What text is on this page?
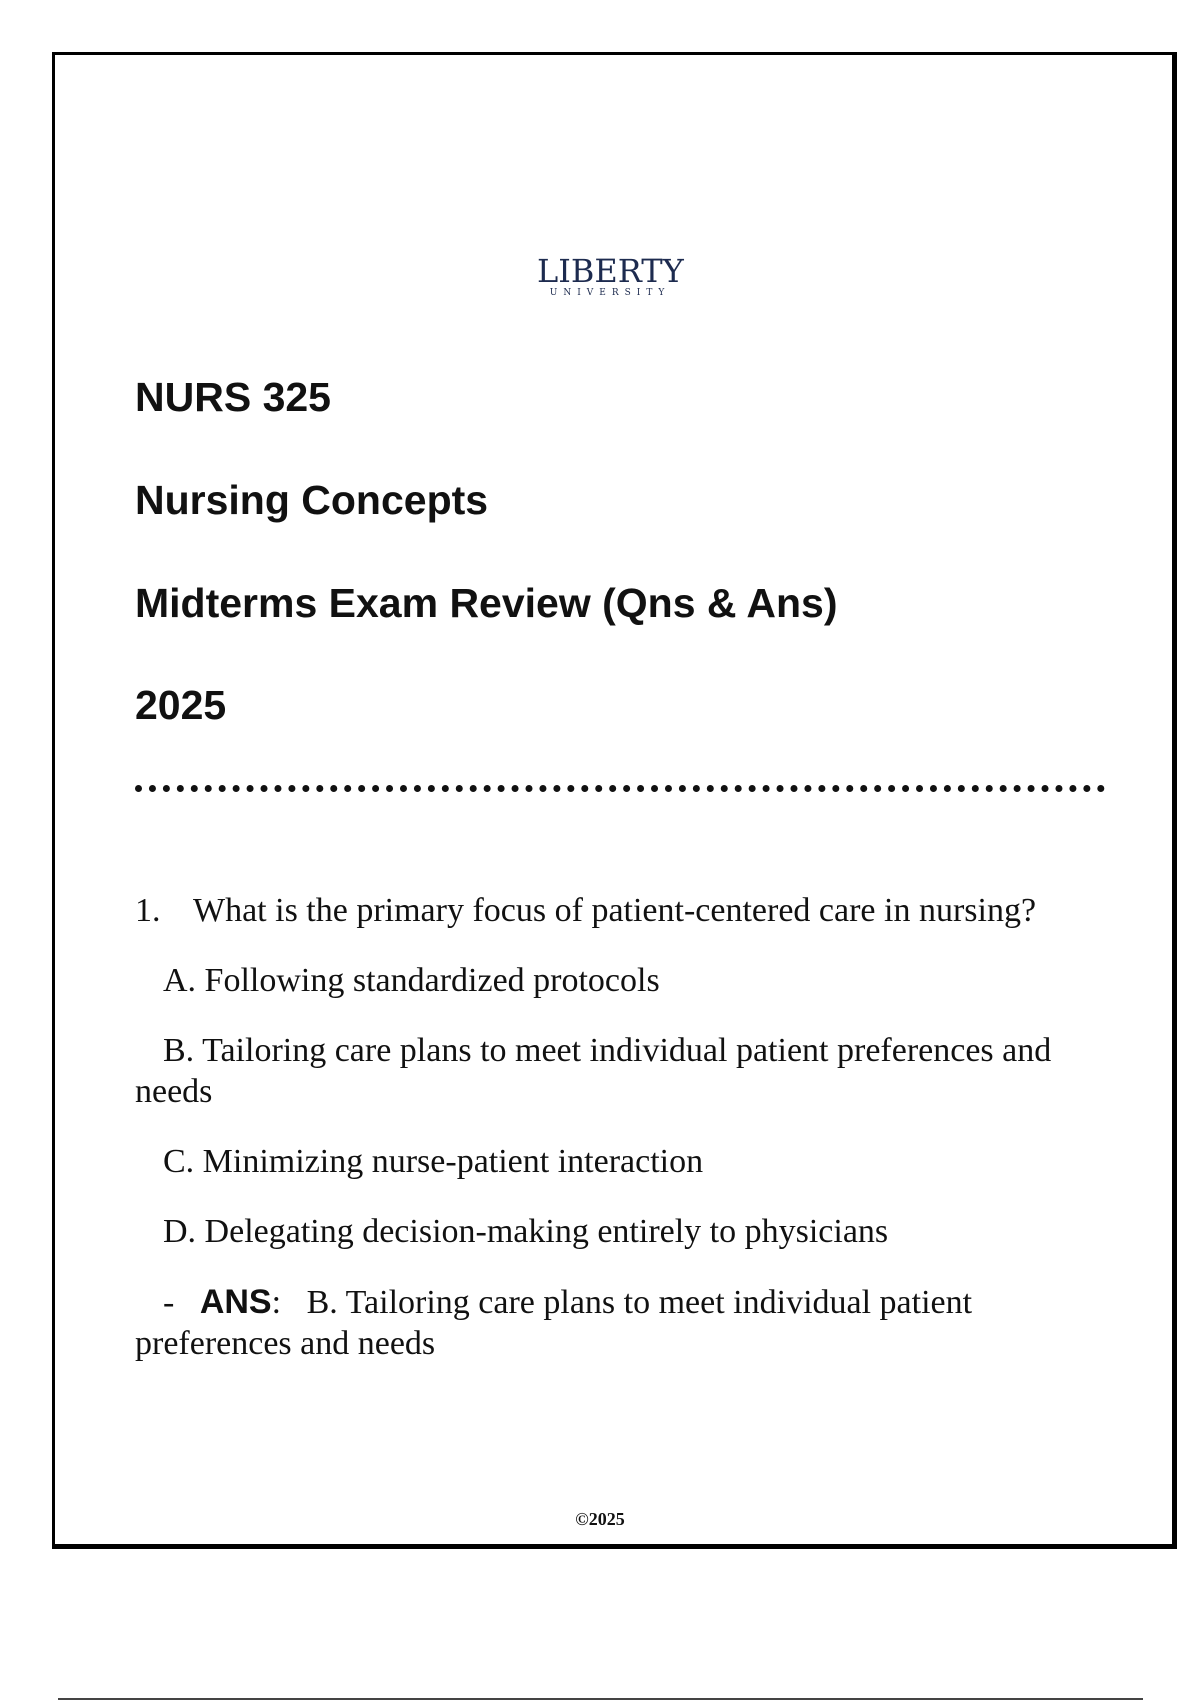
LIBERTY
UNIVERSITY
NURS 325
Nursing Concepts
Midterms Exam Review (Qns & Ans)
2025

1. What is the primary focus of patient-centered care in nursing?

A. Following standardized protocols

B. Tailoring care plans to meet individual patient preferences and needs

C. Minimizing nurse-patient interaction

D. Delegating decision-making entirely to physicians

- ANS:   B. Tailoring care plans to meet individual patient preferences and needs

©2025
